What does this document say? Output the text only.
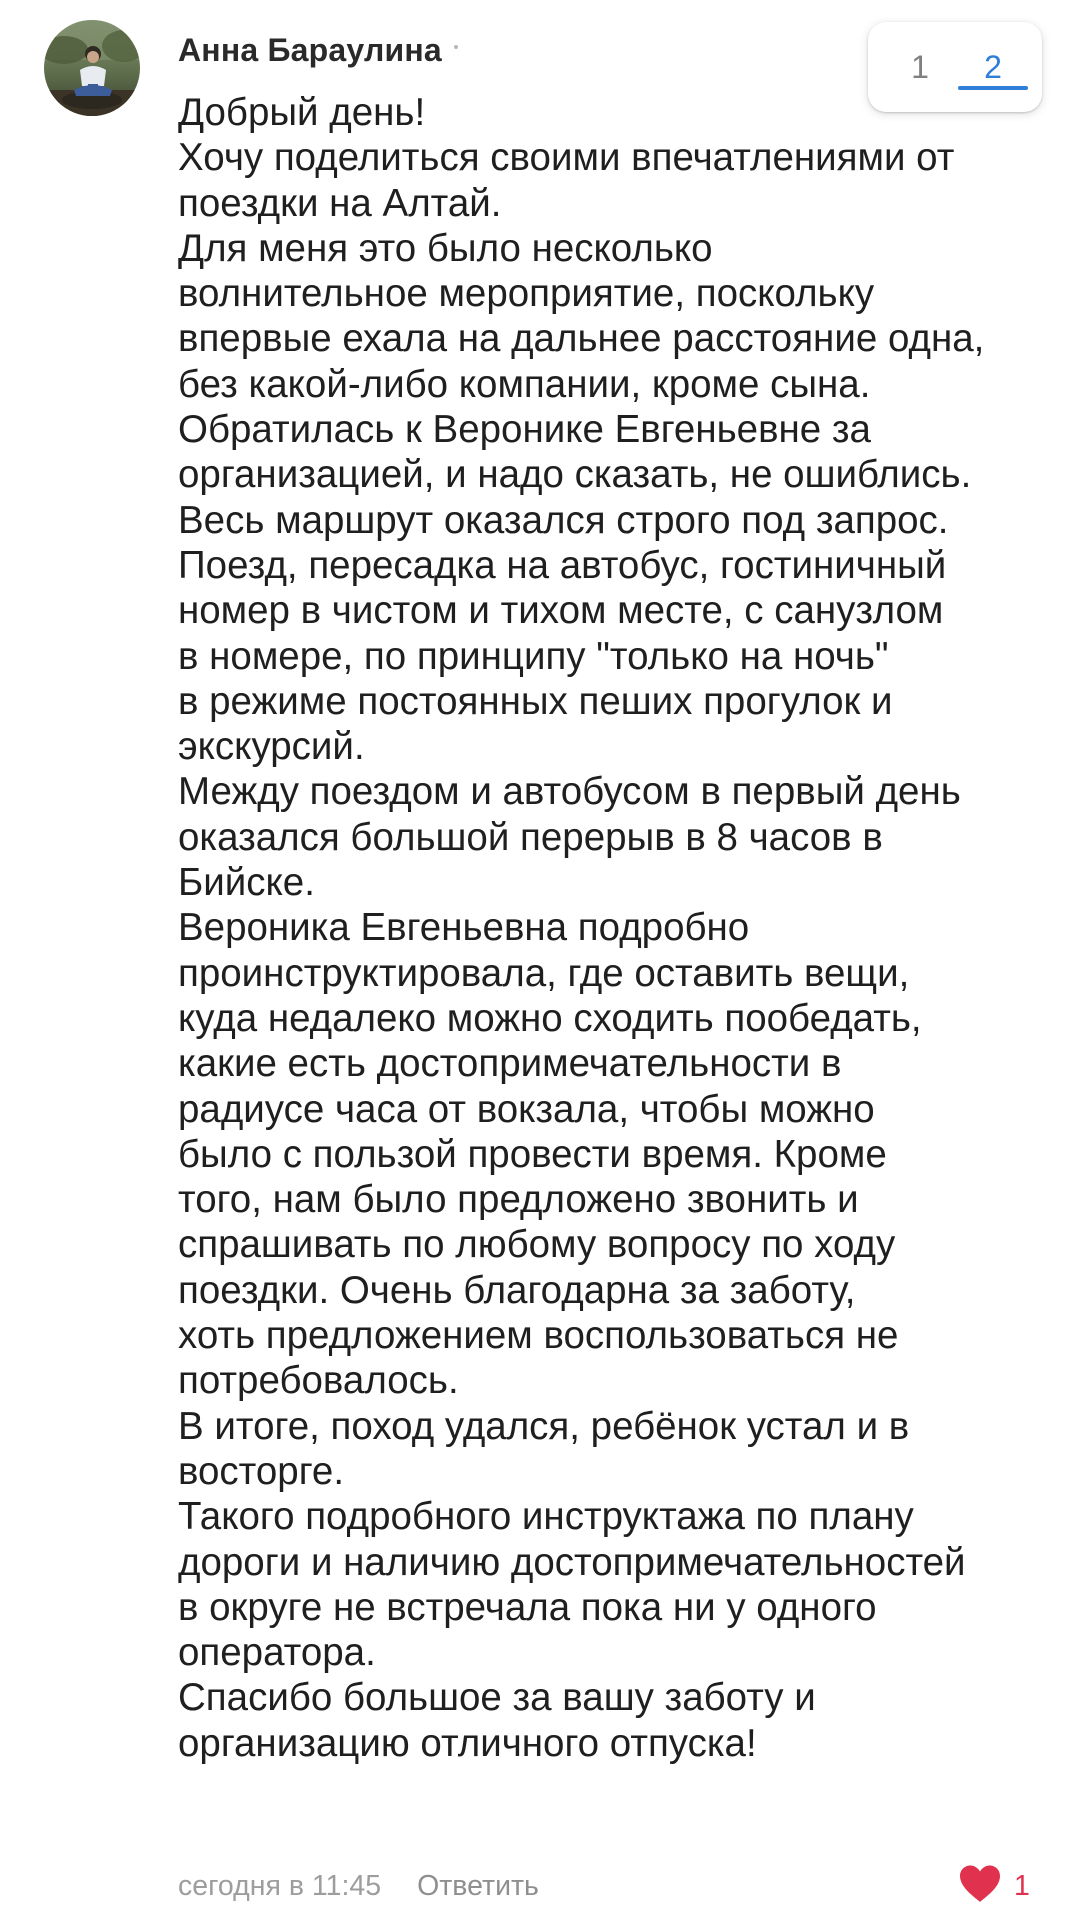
Анна Бараулина

Добрый день!
Хочу поделиться своими впечатлениями от
поездки на Алтай.
Для меня это было несколько
волнительное мероприятие, поскольку
впервые ехала на дальнее расстояние одна,
без какой-либо компании, кроме сына.
Обратилась к Веронике Евгеньевне за
организацией, и надо сказать, не ошиблись.
Весь маршрут оказался строго под запрос.
Поезд, пересадка на автобус, гостиничный
номер в чистом и тихом месте, с санузлом
в номере, по принципу "только на ночь"
в режиме постоянных пеших прогулок и
экскурсий.
Между поездом и автобусом в первый день
оказался большой перерыв в 8 часов в
Бийске.
Вероника Евгеньевна подробно
проинструктировала, где оставить вещи,
куда недалеко можно сходить пообедать,
какие есть достопримечательности в
радиусе часа от вокзала, чтобы можно
было с пользой провести время. Кроме
того, нам было предложено звонить и
спрашивать по любому вопросу по ходу
поездки. Очень благодарна за заботу,
хоть предложением воспользоваться не
потребовалось.
В итоге, поход удался, ребёнок устал и в
восторге.
Такого подробного инструктажа по плану
дороги и наличию достопримечательностей
в округе не встречала пока ни у одного
оператора.
Спасибо большое за вашу заботу и
организацию отличного отпуска!

1	2
сегодня в 11:45 Ответить	1
